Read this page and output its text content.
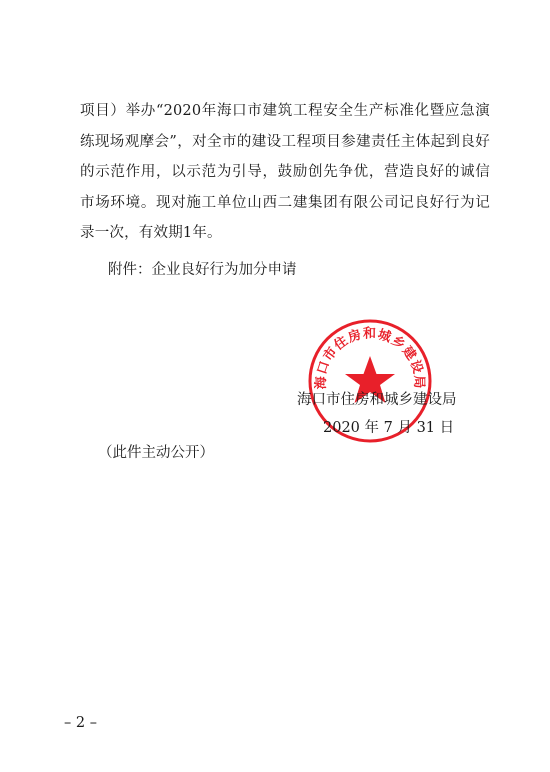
项目）举办“2020年海口市建筑工程安全生产标准化暨应急演练现场观摩会”，对全市的建设工程项目参建责任主体起到良好的示范作用，以示范为引导，鼓励创先争优，营造良好的诚信市场环境。现对施工单位山西二建集团有限公司记良好行为记录一次，有效期1年。

附件：企业良好行为加分申请

海口市住房和城乡建设局
海口市住房和城乡建设局
2020 年 7 月 31 日

（此件主动公开）

– 2 –
